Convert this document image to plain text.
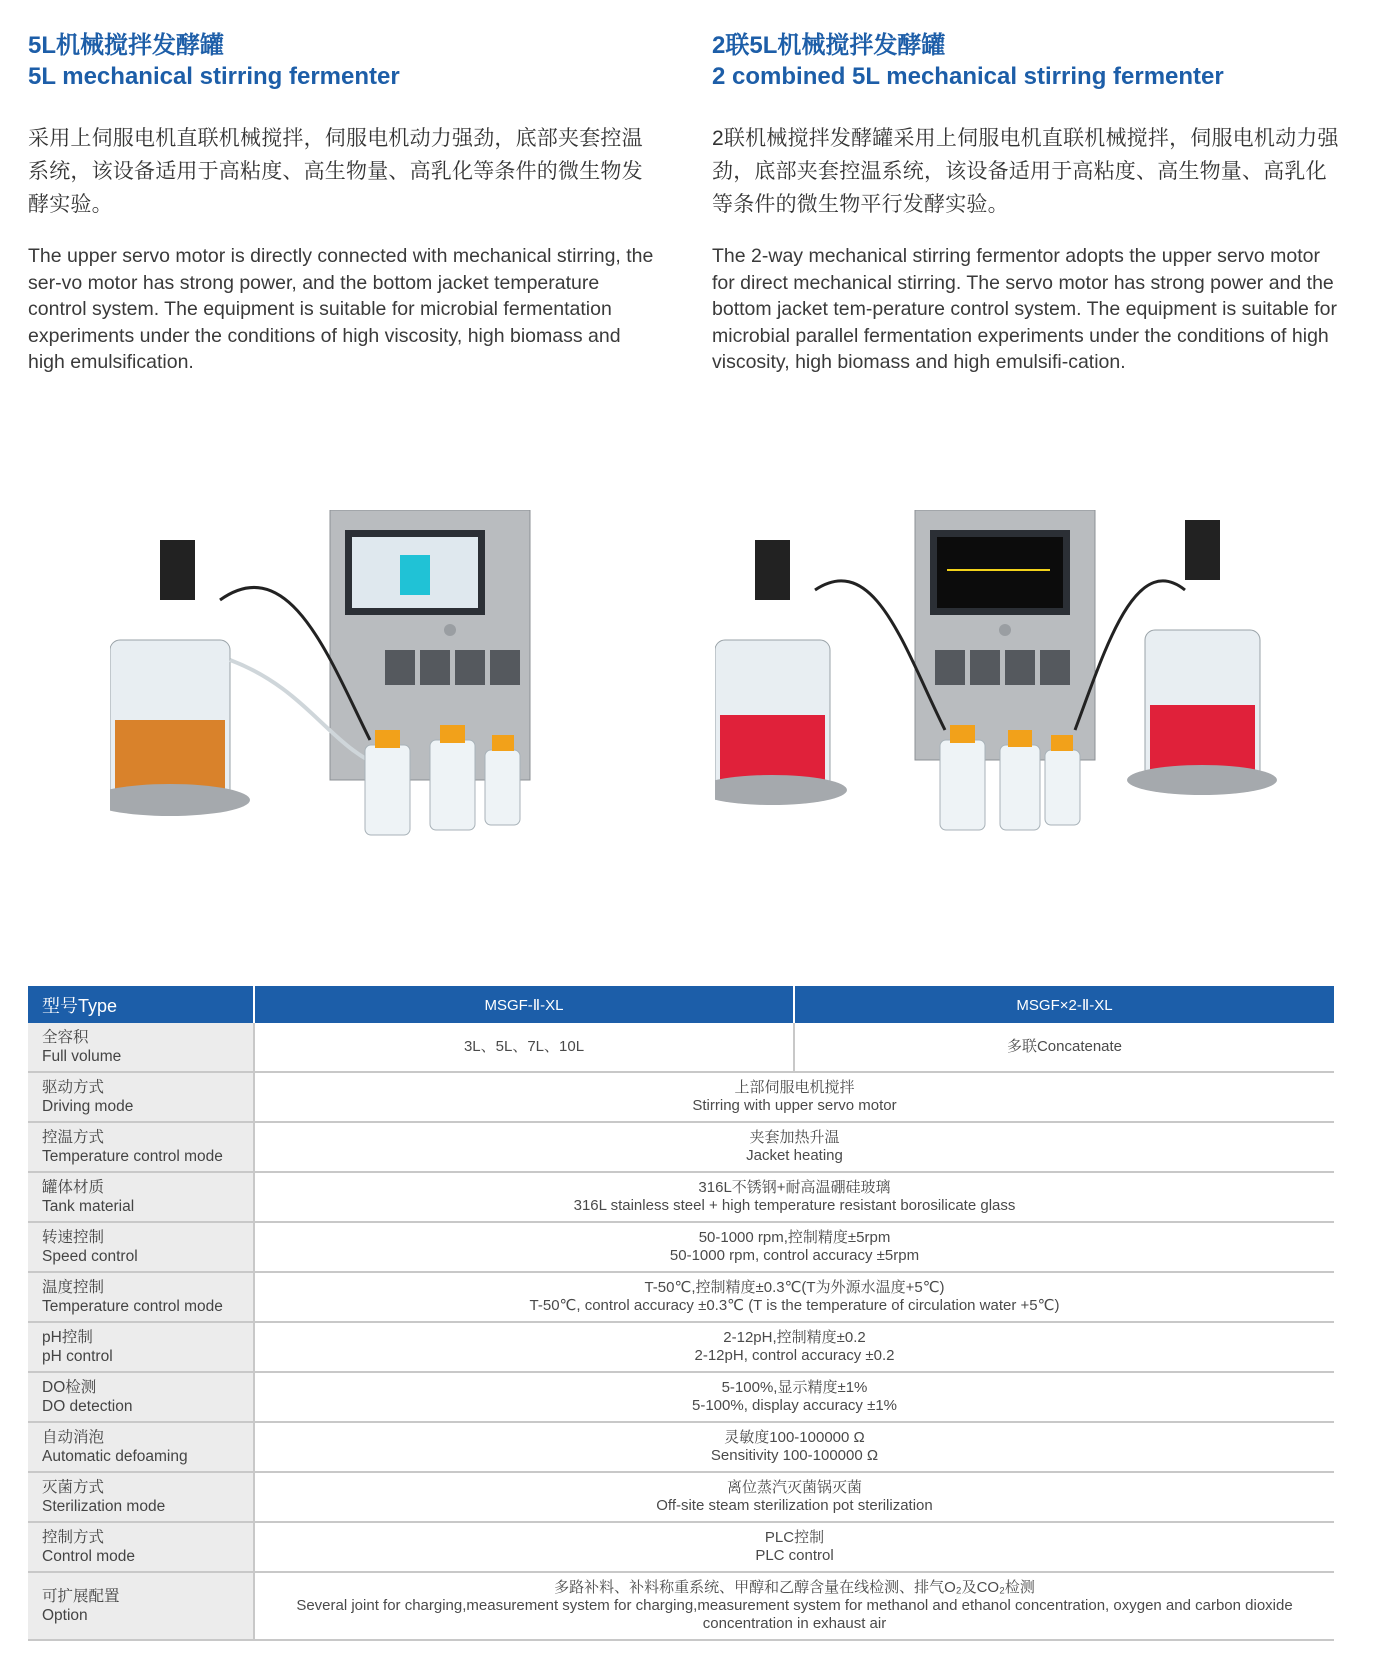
5L机械搅拌发酵罐
5L mechanical stirring fermenter
采用上伺服电机直联机械搅拌，伺服电机动力强劲，底部夹套控温系统，该设备适用于高粘度、高生物量、高乳化等条件的微生物发酵实验。
The upper servo motor is directly connected with mechanical stirring, the ser-vo motor has strong power, and the bottom jacket temperature control system. The equipment is suitable for microbial fermentation experiments under the conditions of high viscosity, high biomass and high emulsification.
2联5L机械搅拌发酵罐
2 combined 5L mechanical stirring fermenter
2联机械搅拌发酵罐采用上伺服电机直联机械搅拌，伺服电机动力强劲，底部夹套控温系统，该设备适用于高粘度、高生物量、高乳化等条件的微生物平行发酵实验。
The 2-way mechanical stirring fermentor adopts the upper servo motor for direct mechanical stirring. The servo motor has strong power and the bottom jacket tem-perature control system. The equipment is suitable for microbial parallel fermentation experiments under the conditions of high viscosity, high biomass and high emulsifi-cation.
型号Type	MSGF-Ⅱ-XL	MSGF×2-Ⅱ-XL

全容积
Full volume	3L、5L、7L、10L	多联Concatenate

驱动方式
Driving mode	上部伺服电机搅拌
Stirring with upper servo motor	

控温方式
Temperature control mode	夹套加热升温
Jacket heating	

罐体材质
Tank material	316L不锈钢+耐高温硼硅玻璃
316L stainless steel + high temperature resistant borosilicate glass	

转速控制
Speed control	50-1000 rpm,控制精度±5rpm
50-1000 rpm, control accuracy ±5rpm	

温度控制
Temperature control mode	T-50℃,控制精度±0.3℃(T为外源水温度+5℃)
T-50℃, control accuracy ±0.3℃ (T is the temperature of circulation water +5℃)	

pH控制
pH control	2-12pH,控制精度±0.2
2-12pH, control accuracy ±0.2	

DO检测
DO detection	5-100%,显示精度±1%
5-100%, display accuracy ±1%	

自动消泡
Automatic defoaming	灵敏度100-100000 Ω
Sensitivity 100-100000 Ω	

灭菌方式
Sterilization mode	离位蒸汽灭菌锅灭菌
Off-site steam sterilization pot sterilization	

控制方式
Control mode	PLC控制
PLC control	

可扩展配置
Option	多路补料、补料称重系统、甲醇和乙醇含量在线检测、排气O₂及CO₂检测
Several joint for charging,measurement system for charging,measurement system for methanol and ethanol concentration, oxygen and carbon dioxide concentration in exhaust air	
